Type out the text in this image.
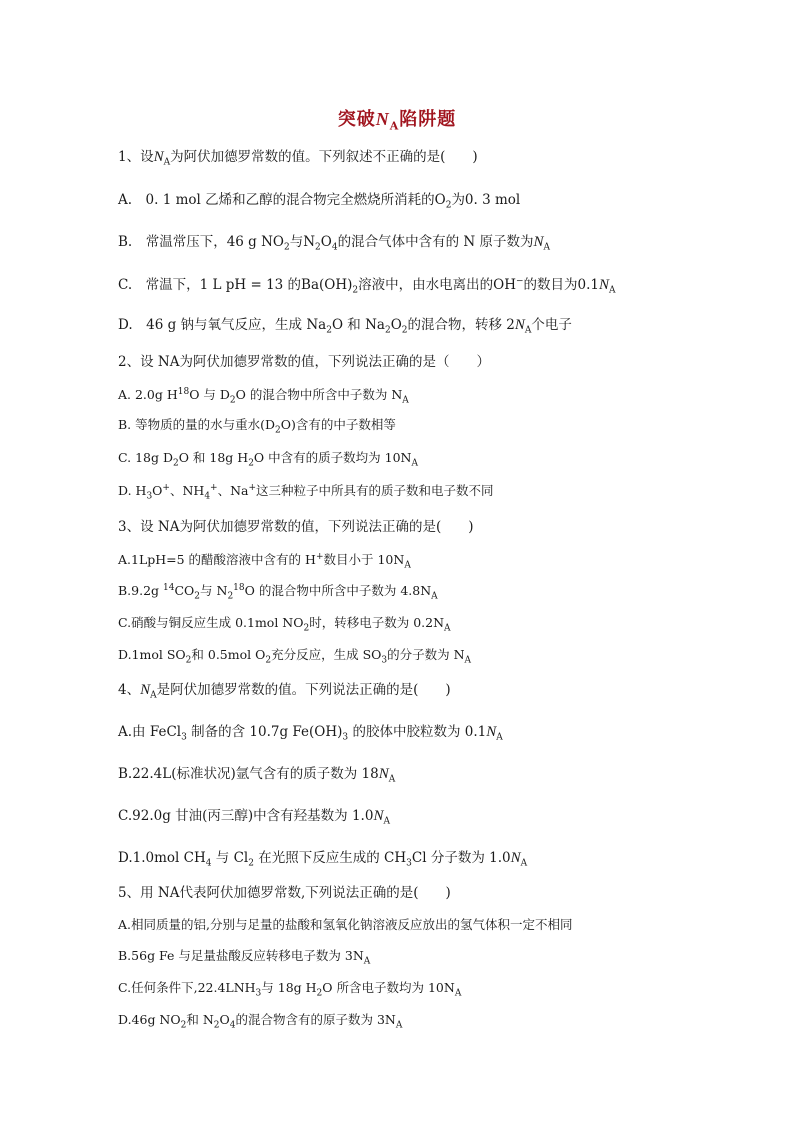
突破$N_A$陷阱题
1、设$N_A$为阿伏加德罗常数的值。下列叙述不正确的是(　　)
A.　0. 1 mol 乙烯和乙醇的混合物完全燃烧所消耗的$O_2$为0. 3 mol
B.　常温常压下，46 g $NO_2$与$N_2O_4$的混合气体中含有的 N 原子数为$N_A$
C.　常温下，1 L pH = 13 的$Ba(OH)_2$溶液中，由水电离出的OH−的数目为$0.1N_A$
D.　46 g 钠与氧气反应，生成 $Na_2O$ 和 $Na_2O_2$的混合物，转移 $2N_A$个电子
2、设 NA为阿伏加德罗常数的值，下列说法正确的是（　　）
A. 2.0g $H^{18}O$ 与 $D_2O$ 的混合物中所含中子数为 $N_A$
B. 等物质的量的水与重水$(D_2O)$含有的中子数相等
C. 18g $D_2O$ 和 18g $H_2O$ 中含有的质子数均为 $10N_A$
D. $H_3O^+$、$NH_4^+$、Na+这三种粒子中所具有的质子数和电子数不同
3、设 NA为阿伏加德罗常数的值，下列说法正确的是(　　)
A.1LpH=5 的醋酸溶液中含有的 H+数目小于 $10N_A$
B.9.2g $^{14}CO_2$与 $N_2^{18}O$ 的混合物中所含中子数为 $4.8N_A$
C.硝酸与铜反应生成 0.1mol $NO_2$时，转移电子数为 $0.2N_A$
D.1mol $SO_2$和 0.5mol $O_2$充分反应，生成 $SO_3$的分子数为 $N_A$
4、$N_A$是阿伏加德罗常数的值。下列说法正确的是(　　)
A.由 FeCl$_3$ 制备的含 10.7g $Fe(OH)_3$ 的胶体中胶粒数为 $0.1N_A$
B.22.4L(标准状况)氩气含有的质子数为 $18N_A$
C.92.0g 甘油(丙三醇)中含有羟基数为 $1.0N_A$
D.1.0mol $CH_4$ 与 $Cl_2$ 在光照下反应生成的 $CH_3Cl$ 分子数为 $1.0N_A$
5、用 NA代表阿伏加德罗常数,下列说法正确的是(　　)
A.相同质量的铝,分别与足量的盐酸和氢氧化钠溶液反应放出的氢气体积一定不相同
B.56g Fe 与足量盐酸反应转移电子数为 $3N_A$
C.任何条件下$,22.4LNH_3$与 18g $H_2O$ 所含电子数均为 $10N_A$
D.46g $NO_2$和 $N_2O_4$的混合物含有的原子数为 $3N_A$
